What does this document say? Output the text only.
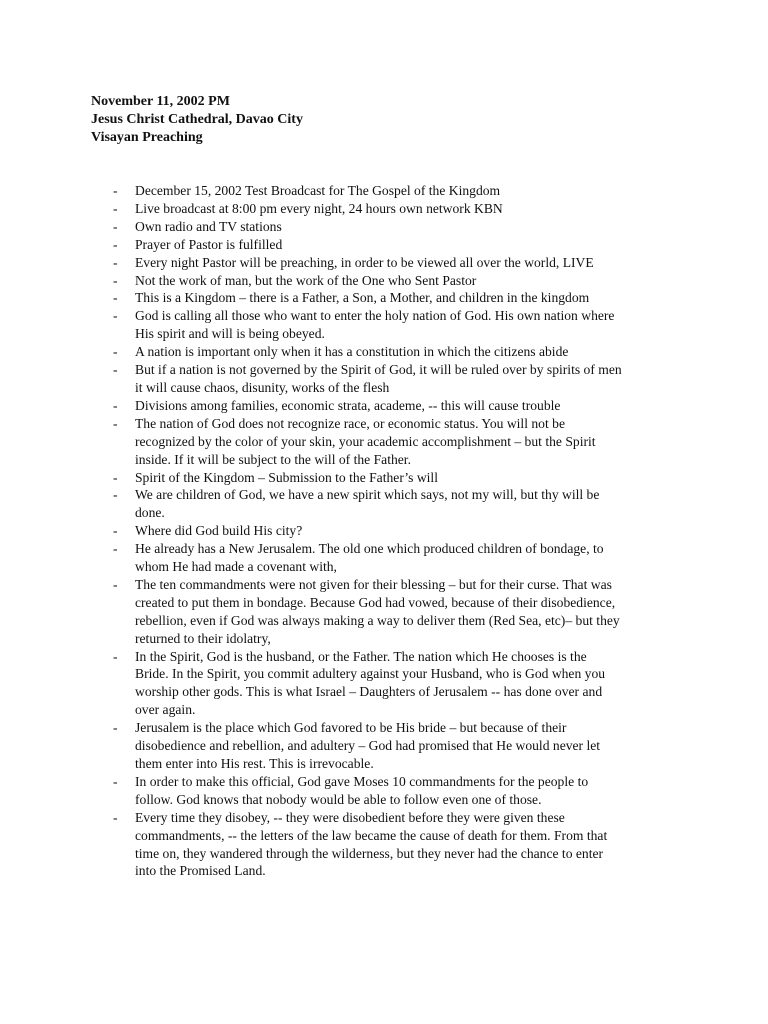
November 11, 2002 PM
Jesus Christ Cathedral, Davao City
Visayan Preaching
- December 15, 2002 Test Broadcast for The Gospel of the Kingdom
- Live broadcast at 8:00 pm every night, 24 hours own network KBN
- Own radio and TV stations
- Prayer of Pastor is fulfilled
- Every night Pastor will be preaching, in order to be viewed all over the world, LIVE
- Not the work of man, but the work of the One who Sent Pastor
- This is a Kingdom – there is a Father, a Son, a Mother, and children in the kingdom
- God is calling all those who want to enter the holy nation of God. His own nation where
His spirit and will is being obeyed.
- A nation is important only when it has a constitution in which the citizens abide
- But if a nation is not governed by the Spirit of God, it will be ruled over by spirits of men
it will cause chaos, disunity, works of the flesh
- Divisions among families, economic strata, academe, -- this will cause trouble
- The nation of God does not recognize race, or economic status. You will not be
recognized by the color of your skin, your academic accomplishment – but the Spirit
inside. If it will be subject to the will of the Father.
- Spirit of the Kingdom – Submission to the Father’s will
- We are children of God, we have a new spirit which says, not my will, but thy will be
done.
- Where did God build His city?
- He already has a New Jerusalem. The old one which produced children of bondage, to
whom He had made a covenant with,
- The ten commandments were not given for their blessing – but for their curse. That was
created to put them in bondage. Because God had vowed, because of their disobedience,
rebellion, even if God was always making a way to deliver them (Red Sea, etc)– but they
returned to their idolatry,
- In the Spirit, God is the husband, or the Father. The nation which He chooses is the
Bride. In the Spirit, you commit adultery against your Husband, who is God when you
worship other gods. This is what Israel – Daughters of Jerusalem -- has done over and
over again.
- Jerusalem is the place which God favored to be His bride – but because of their
disobedience and rebellion, and adultery – God had promised that He would never let
them enter into His rest. This is irrevocable.
- In order to make this official, God gave Moses 10 commandments for the people to
follow. God knows that nobody would be able to follow even one of those.
- Every time they disobey, -- they were disobedient before they were given these
commandments, -- the letters of the law became the cause of death for them. From that
time on, they wandered through the wilderness, but they never had the chance to enter
into the Promised Land.
